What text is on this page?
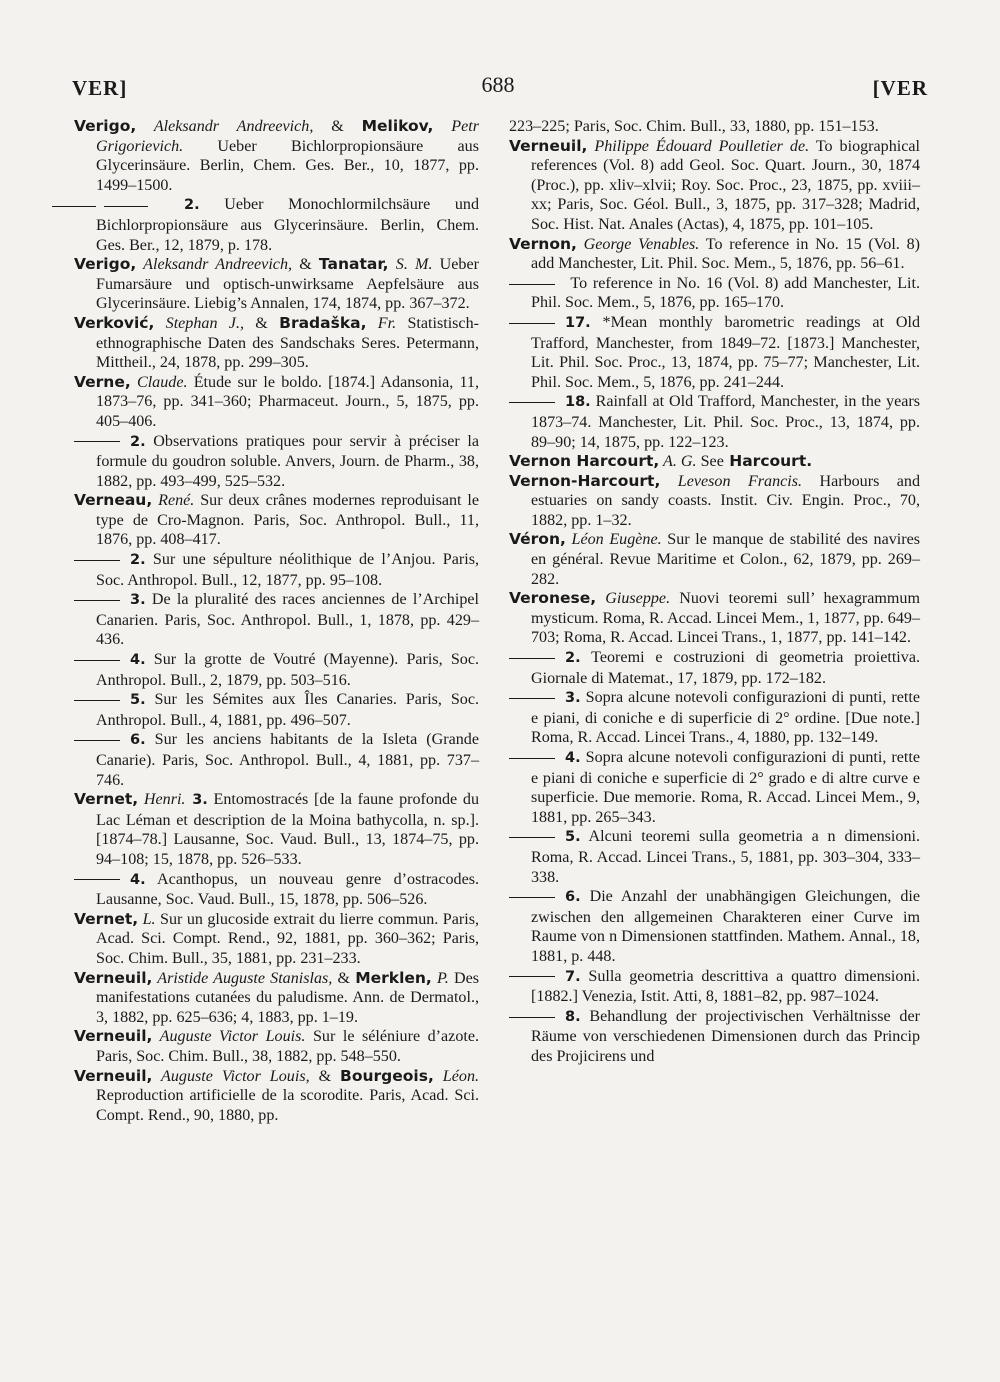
VER]	688	[VER

Verigo, Aleksandr Andreevich, & Melikov, Petr Grigorievich. Ueber Bichlorpropionsäure aus Glycerinsäure. Berlin, Chem. Ges. Ber., 10, 1877, pp. 1499–1500.

2. Ueber Monochlormilchsäure und Bichlorpropionsäure aus Glycerinsäure. Berlin, Chem. Ges. Ber., 12, 1879, p. 178.

Verigo, Aleksandr Andreevich, & Tanatar, S. M. Ueber Fumarsäure und optisch-unwirksame Aepfelsäure aus Glycerinsäure. Liebig’s Annalen, 174, 1874, pp. 367–372.

Verković, Stephan J., & Bradaška, Fr. Statistisch-ethnographische Daten des Sandschaks Seres. Petermann, Mittheil., 24, 1878, pp. 299–305.

Verne, Claude. Étude sur le boldo. [1874.] Adansonia, 11, 1873–76, pp. 341–360; Pharmaceut. Journ., 5, 1875, pp. 405–406.

2. Observations pratiques pour servir à préciser la formule du goudron soluble. Anvers, Journ. de Pharm., 38, 1882, pp. 493–499, 525–532.

Verneau, René. Sur deux crânes modernes reproduisant le type de Cro-Magnon. Paris, Soc. Anthropol. Bull., 11, 1876, pp. 408–417.

2. Sur une sépulture néolithique de l’Anjou. Paris, Soc. Anthropol. Bull., 12, 1877, pp. 95–108.

3. De la pluralité des races anciennes de l’Archipel Canarien. Paris, Soc. Anthropol. Bull., 1, 1878, pp. 429–436.

4. Sur la grotte de Voutré (Mayenne). Paris, Soc. Anthropol. Bull., 2, 1879, pp. 503–516.

5. Sur les Sémites aux Îles Canaries. Paris, Soc. Anthropol. Bull., 4, 1881, pp. 496–507.

6. Sur les anciens habitants de la Isleta (Grande Canarie). Paris, Soc. Anthropol. Bull., 4, 1881, pp. 737–746.

Vernet, Henri. 3. Entomostracés [de la faune profonde du Lac Léman et description de la Moina bathycolla, n. sp.]. [1874–78.] Lausanne, Soc. Vaud. Bull., 13, 1874–75, pp. 94–108; 15, 1878, pp. 526–533.

4. Acanthopus, un nouveau genre d’ostracodes. Lausanne, Soc. Vaud. Bull., 15, 1878, pp. 506–526.

Vernet, L. Sur un glucoside extrait du lierre commun. Paris, Acad. Sci. Compt. Rend., 92, 1881, pp. 360–362; Paris, Soc. Chim. Bull., 35, 1881, pp. 231–233.

Verneuil, Aristide Auguste Stanislas, & Merklen, P. Des manifestations cutanées du paludisme. Ann. de Dermatol., 3, 1882, pp. 625–636; 4, 1883, pp. 1–19.

Verneuil, Auguste Victor Louis. Sur le séléniure d’azote. Paris, Soc. Chim. Bull., 38, 1882, pp. 548–550.

Verneuil, Auguste Victor Louis, & Bourgeois, Léon. Reproduction artificielle de la scorodite. Paris, Acad. Sci. Compt. Rend., 90, 1880, pp.

223–225; Paris, Soc. Chim. Bull., 33, 1880, pp. 151–153.

Verneuil, Philippe Édouard Poulletier de. To biographical references (Vol. 8) add Geol. Soc. Quart. Journ., 30, 1874 (Proc.), pp. xliv–xlvii; Roy. Soc. Proc., 23, 1875, pp. xviii–xx; Paris, Soc. Géol. Bull., 3, 1875, pp. 317–328; Madrid, Soc. Hist. Nat. Anales (Actas), 4, 1875, pp. 101–105.

Vernon, George Venables. To reference in No. 15 (Vol. 8) add Manchester, Lit. Phil. Soc. Mem., 5, 1876, pp. 56–61.

To reference in No. 16 (Vol. 8) add Manchester, Lit. Phil. Soc. Mem., 5, 1876, pp. 165–170.

17. *Mean monthly barometric readings at Old Trafford, Manchester, from 1849–72. [1873.] Manchester, Lit. Phil. Soc. Proc., 13, 1874, pp. 75–77; Manchester, Lit. Phil. Soc. Mem., 5, 1876, pp. 241–244.

18. Rainfall at Old Trafford, Manchester, in the years 1873–74. Manchester, Lit. Phil. Soc. Proc., 13, 1874, pp. 89–90; 14, 1875, pp. 122–123.

Vernon Harcourt, A. G. See Harcourt.

Vernon-Harcourt, Leveson Francis. Harbours and estuaries on sandy coasts. Instit. Civ. Engin. Proc., 70, 1882, pp. 1–32.

Véron, Léon Eugène. Sur le manque de stabilité des navires en général. Revue Maritime et Colon., 62, 1879, pp. 269–282.

Veronese, Giuseppe. Nuovi teoremi sull’ hexagrammum mysticum. Roma, R. Accad. Lincei Mem., 1, 1877, pp. 649–703; Roma, R. Accad. Lincei Trans., 1, 1877, pp. 141–142.

2. Teoremi e costruzioni di geometria proiettiva. Giornale di Matemat., 17, 1879, pp. 172–182.

3. Sopra alcune notevoli configurazioni di punti, rette e piani, di coniche e di superficie di 2° ordine. [Due note.] Roma, R. Accad. Lincei Trans., 4, 1880, pp. 132–149.

4. Sopra alcune notevoli configurazioni di punti, rette e piani di coniche e superficie di 2° grado e di altre curve e superficie. Due memorie. Roma, R. Accad. Lincei Mem., 9, 1881, pp. 265–343.

5. Alcuni teoremi sulla geometria a n dimensioni. Roma, R. Accad. Lincei Trans., 5, 1881, pp. 303–304, 333–338.

6. Die Anzahl der unabhängigen Gleichungen, die zwischen den allgemeinen Charakteren einer Curve im Raume von n Dimensionen stattfinden. Mathem. Annal., 18, 1881, p. 448.

7. Sulla geometria descrittiva a quattro dimensioni. [1882.] Venezia, Istit. Atti, 8, 1881–82, pp. 987–1024.

8. Behandlung der projectivischen Verhältnisse der Räume von verschiedenen Dimensionen durch das Princip des Projicirens und
